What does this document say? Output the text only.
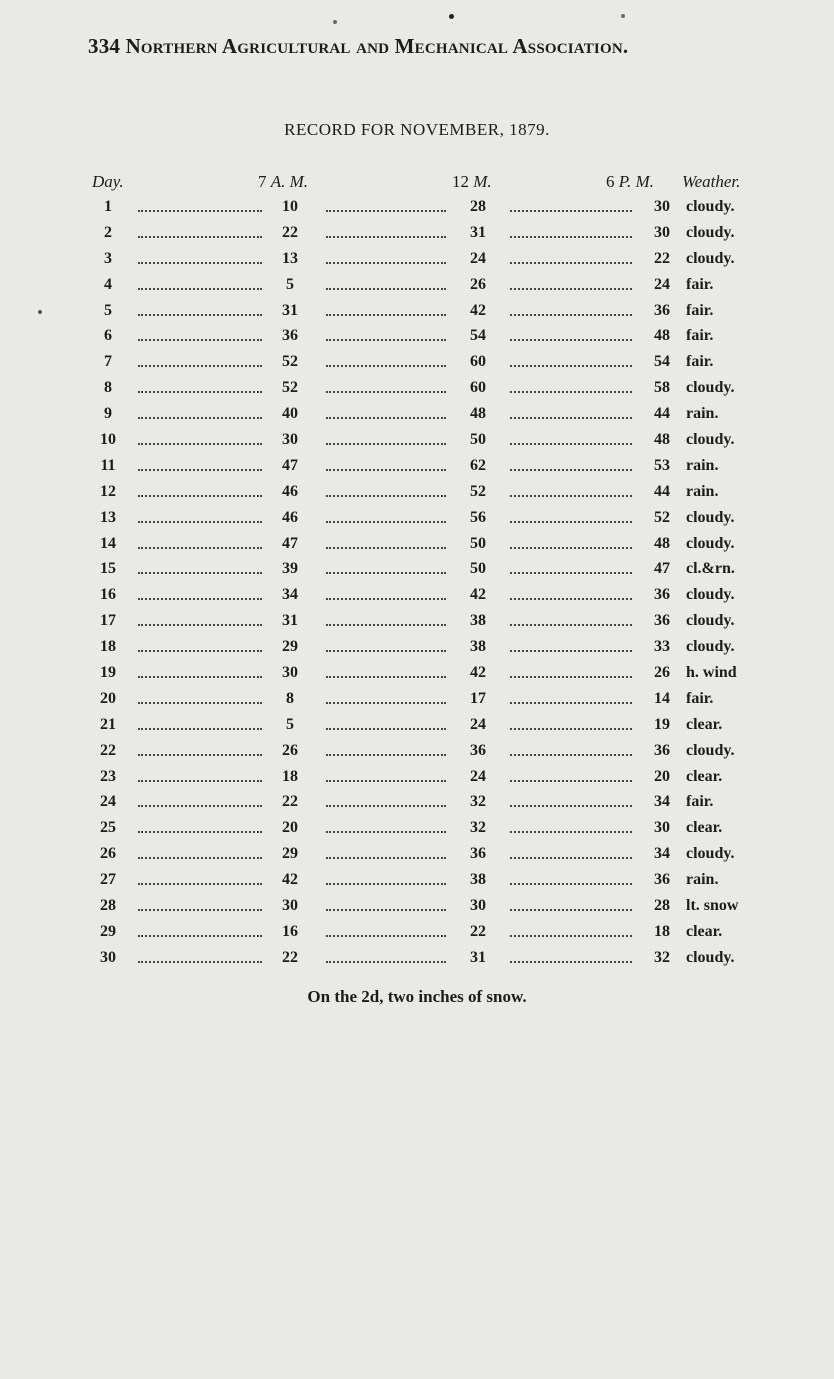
334 Northern Agricultural and Mechanical Association.
RECORD FOR NOVEMBER, 1879.
Day.	7 A. M.	12 M.	6 P. M. Weather.
1	10	28	30	cloudy.
2	22	31	30	cloudy.
3	13	24	22	cloudy.
4	5	26	24	fair.
5	31	42	36	fair.
6	36	54	48	fair.
7	52	60	54	fair.
8	52	60	58	cloudy.
9	40	48	44	rain.
10	30	50	48	cloudy.
11	47	62	53	rain.
12	46	52	44	rain.
13	46	56	52	cloudy.
14	47	50	48	cloudy.
15	39	50	47	cl.&rn.
16	34	42	36	cloudy.
17	31	38	36	cloudy.
18	29	38	33	cloudy.
19	30	42	26	h. wind
20	8	17	14	fair.
21	5	24	19	clear.
22	26	36	36	cloudy.
23	18	24	20	clear.
24	22	32	34	fair.
25	20	32	30	clear.
26	29	36	34	cloudy.
27	42	38	36	rain.
28	30	30	28	lt. snow
29	16	22	18	clear.
30	22	31	32	cloudy.
On the 2d, two inches of snow.
